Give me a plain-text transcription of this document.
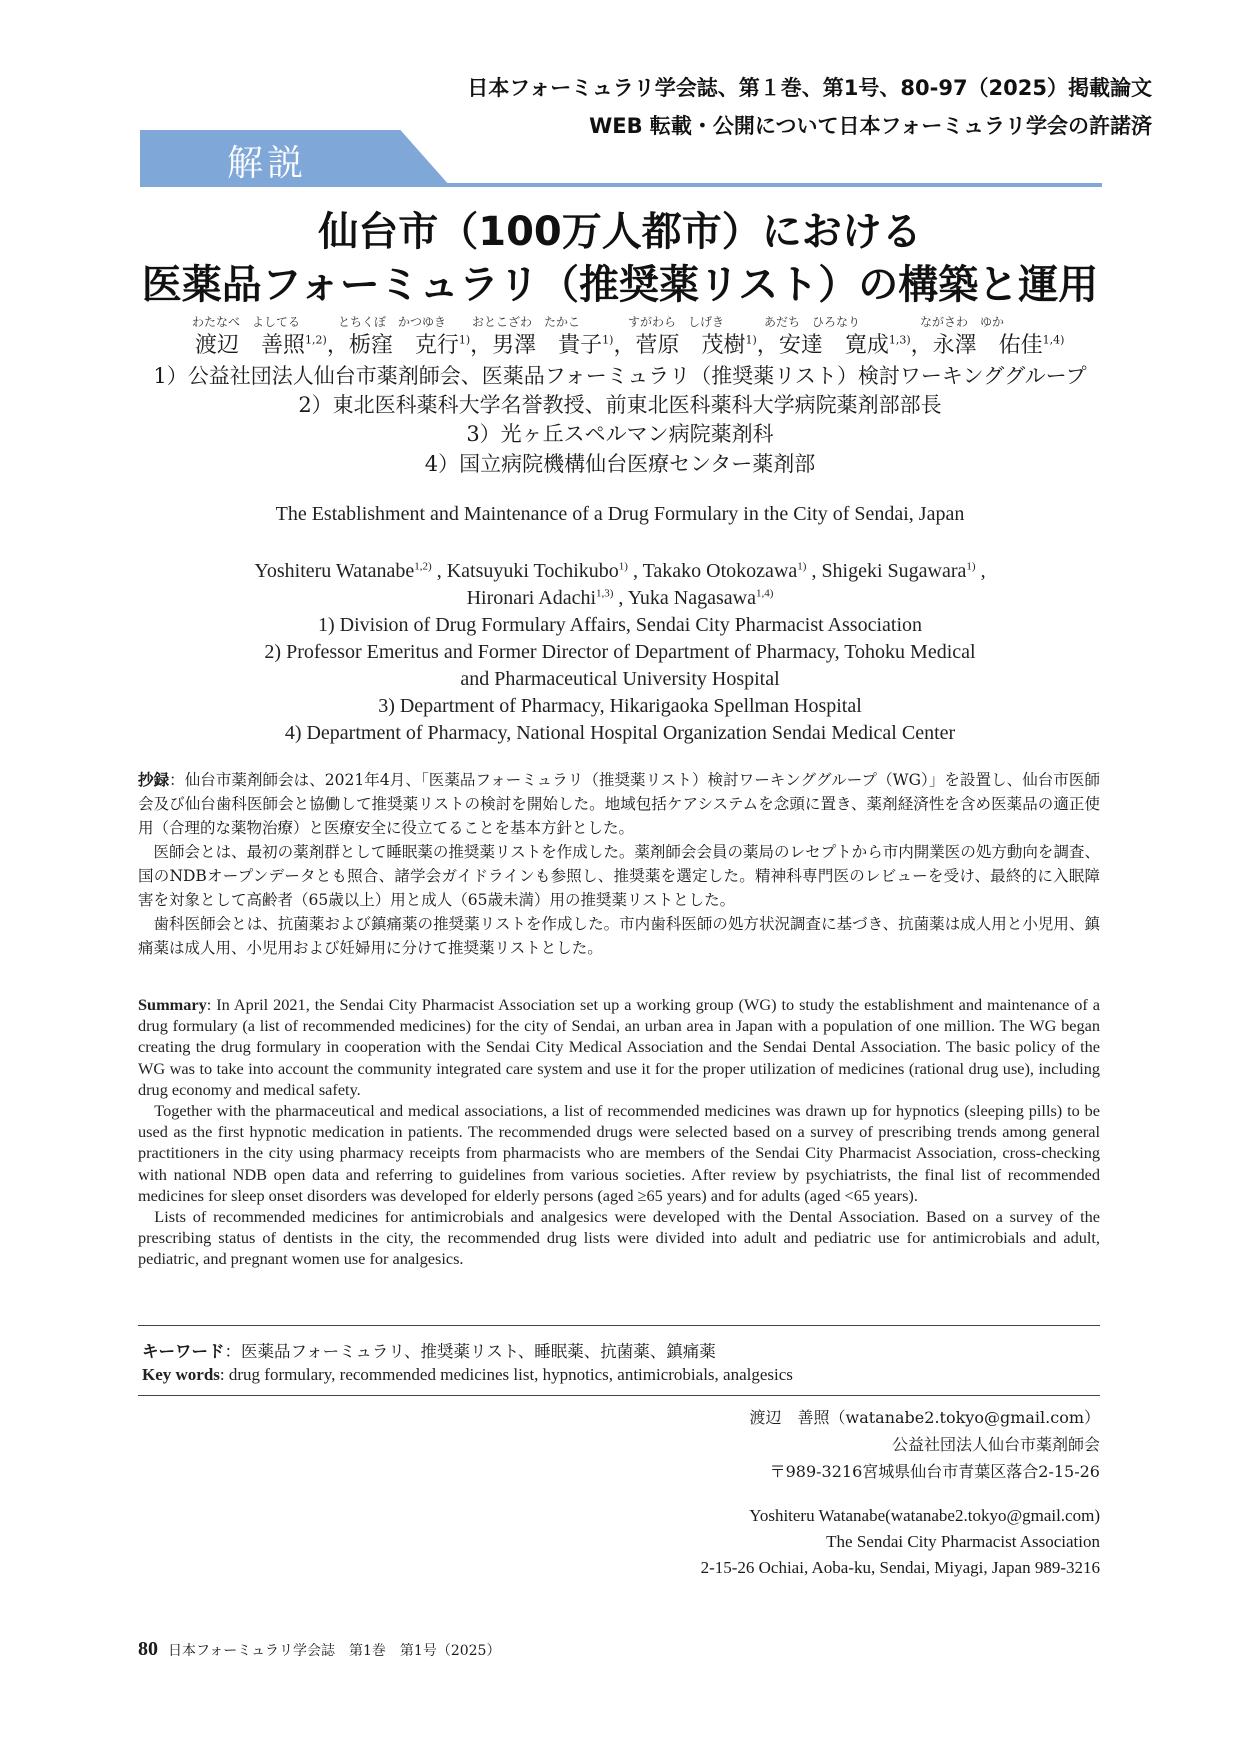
日本フォーミュラリ学会誌、第１巻、第1号、80-97（2025）掲載論文
WEB 転載・公開について日本フォーミュラリ学会の許諾済
解説
仙台市（100万人都市）における
医薬品フォーミュラリ（推奨薬リスト）の構築と運用
わたなべ　よしてる	とちくぼ　かつゆき おとこざわ　たかこ	すがわら　しげき	あだち　ひろなり	ながさわ　ゆか
渡辺　善照$^{1,2)}$，栃窪　克行$^{1)}$，男澤　貴子$^{1)}$，菅原　茂樹$^{1)}$，安達　寛成$^{1,3)}$，永澤　佑佳$^{1,4)}$
1）公益社団法人仙台市薬剤師会、医薬品フォーミュラリ（推奨薬リスト）検討ワーキンググループ
2）東北医科薬科大学名誉教授、前東北医科薬科大学病院薬剤部部長
3）光ヶ丘スペルマン病院薬剤科
4）国立病院機構仙台医療センター薬剤部
The Establishment and Maintenance of a Drug Formulary in the City of Sendai, Japan
Yoshiteru Watanabe$^{1,2)}$ , Katsuyuki Tochikubo$^{1)}$ , Takako Otokozawa$^{1)}$ , Shigeki Sugawara$^{1)}$ ,
Hironari Adachi$^{1,3)}$ , Yuka Nagasawa$^{1,4)}$
1) Division of Drug Formulary Affairs, Sendai City Pharmacist Association
2) Professor Emeritus and Former Director of Department of Pharmacy, Tohoku Medical
and Pharmaceutical University Hospital
3) Department of Pharmacy, Hikarigaoka Spellman Hospital
4) Department of Pharmacy, National Hospital Organization Sendai Medical Center

抄録：仙台市薬剤師会は、2021年4月、「医薬品フォーミュラリ（推奨薬リスト）検討ワーキンググループ（WG）」を設置し、仙台市医師会及び仙台歯科医師会と協働して推奨薬リストの検討を開始した。地域包括ケアシステムを念頭に置き、薬剤経済性を含め医薬品の適正使用（合理的な薬物治療）と医療安全に役立てることを基本方針とした。

医師会とは、最初の薬剤群として睡眠薬の推奨薬リストを作成した。薬剤師会会員の薬局のレセプトから市内開業医の処方動向を調査、国のNDBオープンデータとも照合、諸学会ガイドラインも参照し、推奨薬を選定した。精神科専門医のレビューを受け、最終的に入眠障害を対象として高齢者（65歳以上）用と成人（65歳未満）用の推奨薬リストとした。

歯科医師会とは、抗菌薬および鎮痛薬の推奨薬リストを作成した。市内歯科医師の処方状況調査に基づき、抗菌薬は成人用と小児用、鎮痛薬は成人用、小児用および妊婦用に分けて推奨薬リストとした。

Summary: In April 2021, the Sendai City Pharmacist Association set up a working group (WG) to study the establishment and maintenance of a drug formulary (a list of recommended medicines) for the city of Sendai, an urban area in Japan with a population of one million. The WG began creating the drug formulary in cooperation with the Sendai City Medical Association and the Sendai Dental Association. The basic policy of the WG was to take into account the community integrated care system and use it for the proper utilization of medicines (rational drug use), including drug economy and medical safety.

Together with the pharmaceutical and medical associations, a list of recommended medicines was drawn up for hypnotics (sleeping pills) to be used as the first hypnotic medication in patients. The recommended drugs were selected based on a survey of prescribing trends among general practitioners in the city using pharmacy receipts from pharmacists who are members of the Sendai City Pharmacist Association, cross-checking with national NDB open data and referring to guidelines from various societies. After review by psychiatrists, the final list of recommended medicines for sleep onset disorders was developed for elderly persons (aged ≥65 years) and for adults (aged <65 years).

Lists of recommended medicines for antimicrobials and analgesics were developed with the Dental Association. Based on a survey of the prescribing status of dentists in the city, the recommended drug lists were divided into adult and pediatric use for antimicrobials and adult, pediatric, and pregnant women use for analgesics.

キーワード：医薬品フォーミュラリ、推奨薬リスト、睡眠薬、抗菌薬、鎮痛薬
Key words: drug formulary, recommended medicines list, hypnotics, antimicrobials, analgesics
渡辺　善照（watanabe2.tokyo@gmail.com）
公益社団法人仙台市薬剤師会
〒989-3216宮城県仙台市青葉区落合2-15-26
Yoshiteru Watanabe(watanabe2.tokyo@gmail.com)
The Sendai City Pharmacist Association
2-15-26 Ochiai, Aoba-ku, Sendai, Miyagi, Japan 989-3216
80 日本フォーミュラリ学会誌　第1巻　第1号（2025）
